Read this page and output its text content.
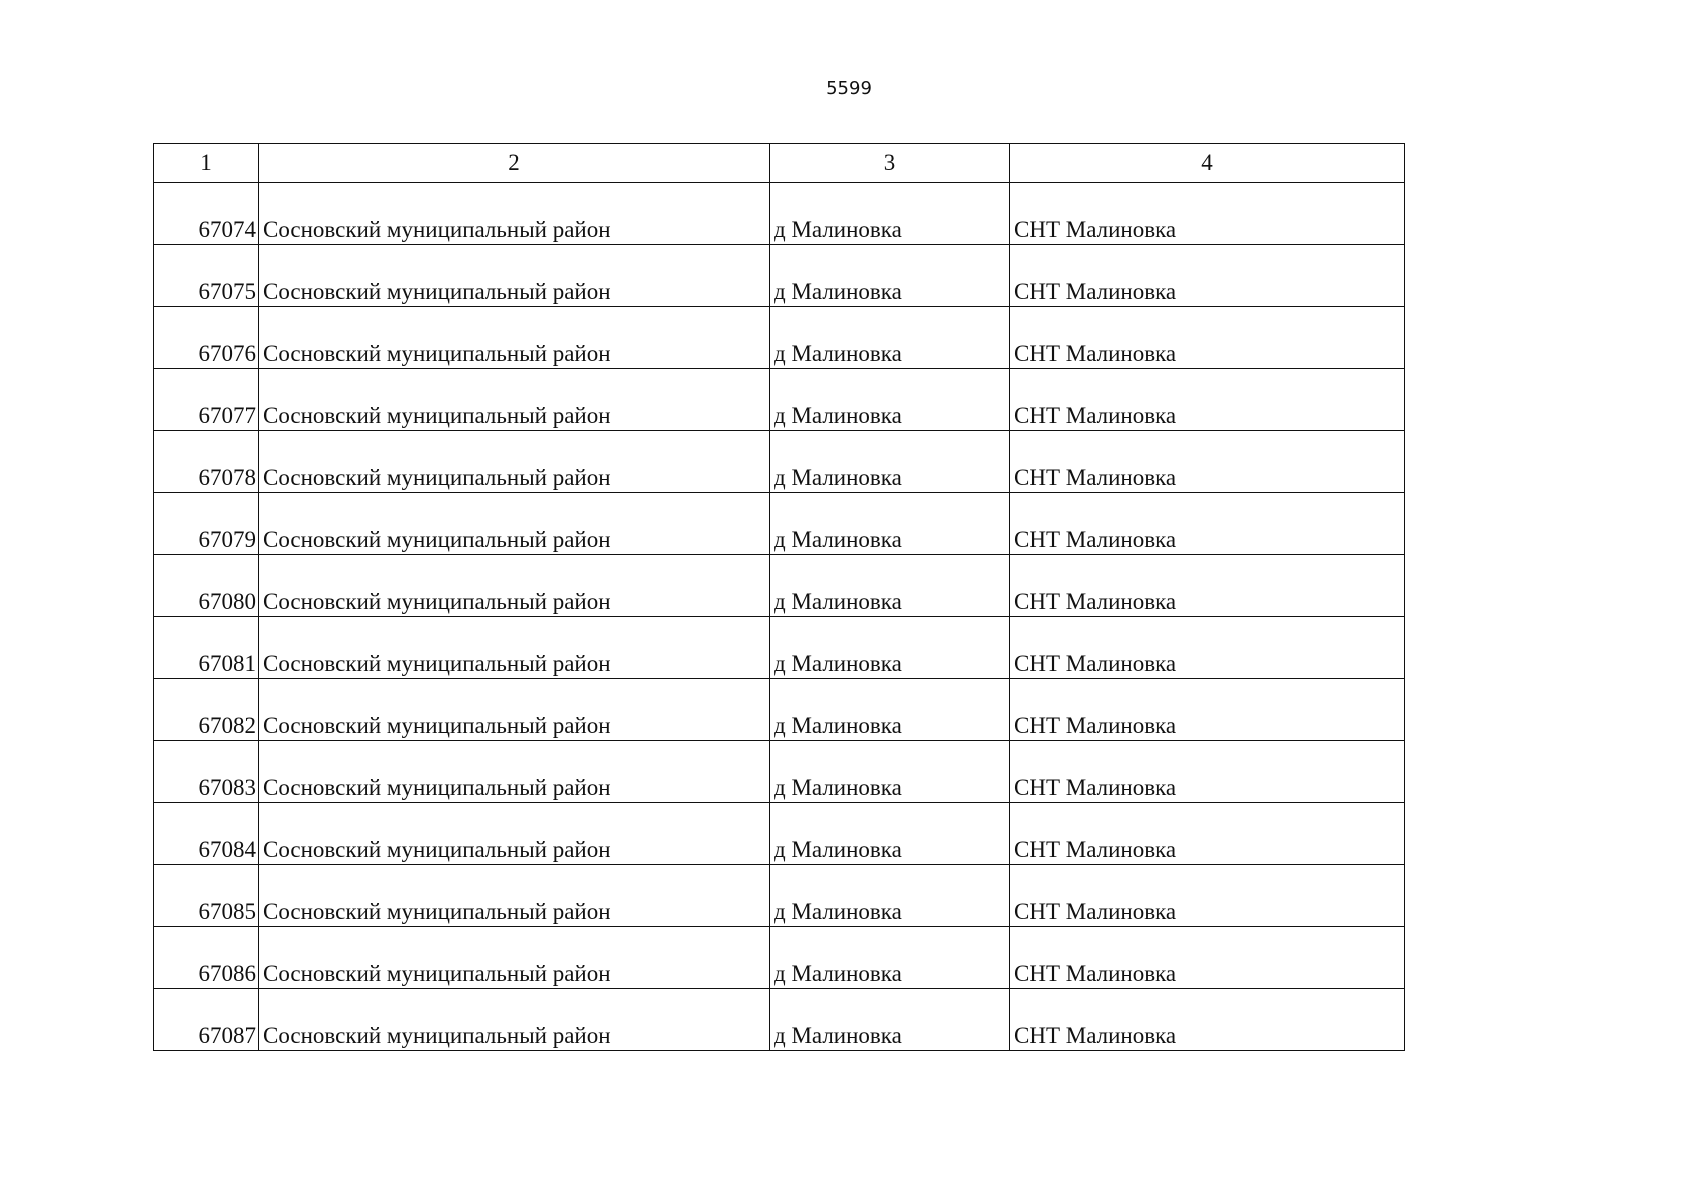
5599
1	2	3	4
67074	Сосновский муниципальный район	д Малиновка	СНТ Малиновка
67075	Сосновский муниципальный район	д Малиновка	СНТ Малиновка
67076	Сосновский муниципальный район	д Малиновка	СНТ Малиновка
67077	Сосновский муниципальный район	д Малиновка	СНТ Малиновка
67078	Сосновский муниципальный район	д Малиновка	СНТ Малиновка
67079	Сосновский муниципальный район	д Малиновка	СНТ Малиновка
67080	Сосновский муниципальный район	д Малиновка	СНТ Малиновка
67081	Сосновский муниципальный район	д Малиновка	СНТ Малиновка
67082	Сосновский муниципальный район	д Малиновка	СНТ Малиновка
67083	Сосновский муниципальный район	д Малиновка	СНТ Малиновка
67084	Сосновский муниципальный район	д Малиновка	СНТ Малиновка
67085	Сосновский муниципальный район	д Малиновка	СНТ Малиновка
67086	Сосновский муниципальный район	д Малиновка	СНТ Малиновка
67087	Сосновский муниципальный район	д Малиновка	СНТ Малиновка
